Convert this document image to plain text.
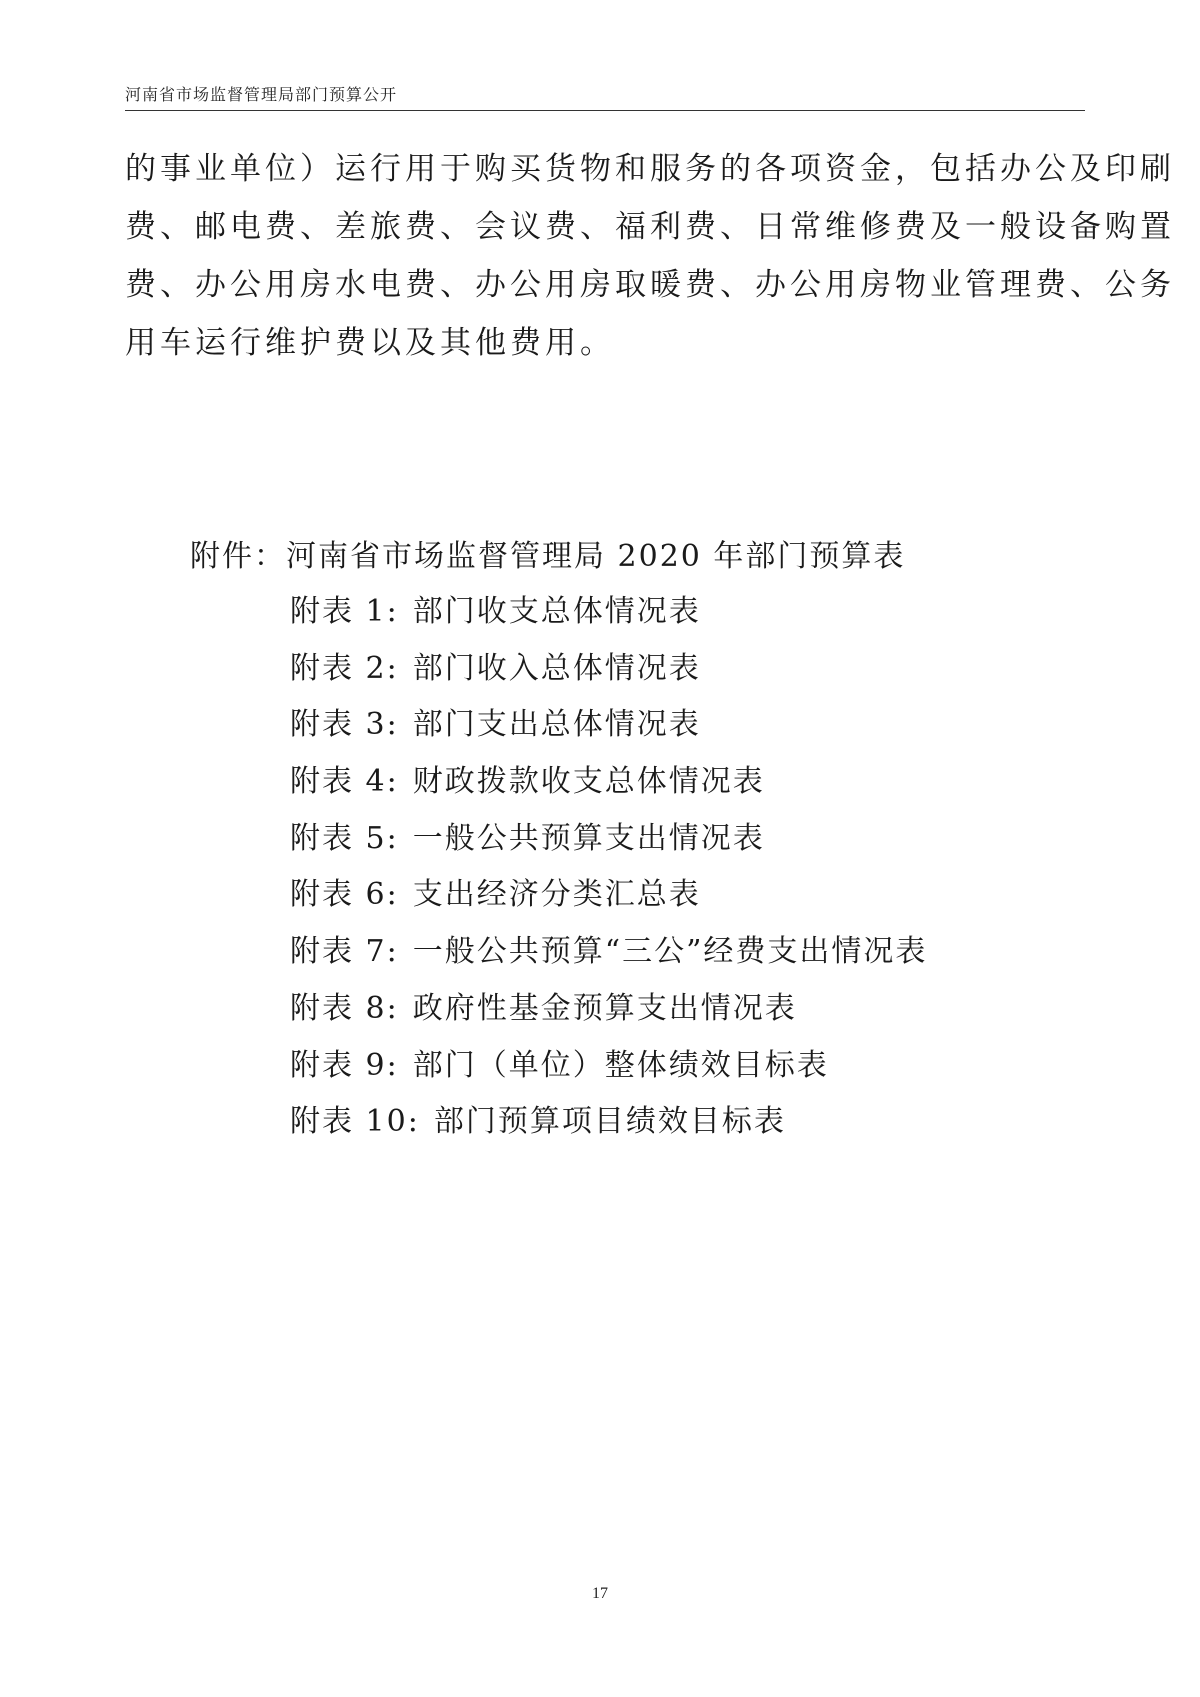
河南省市场监督管理局部门预算公开
的事业单位）运行用于购买货物和服务的各项资金，包括办公及印刷
费、邮电费、差旅费、会议费、福利费、日常维修费及一般设备购置
费、办公用房水电费、办公用房取暖费、办公用房物业管理费、公务
用车运行维护费以及其他费用。
附件：河南省市场监督管理局 2020 年部门预算表
附表 1: 部门收支总体情况表
附表 2: 部门收入总体情况表
附表 3: 部门支出总体情况表
附表 4: 财政拨款收支总体情况表
附表 5: 一般公共预算支出情况表
附表 6: 支出经济分类汇总表
附表 7: 一般公共预算“三公”经费支出情况表
附表 8: 政府性基金预算支出情况表
附表 9: 部门（单位）整体绩效目标表
附表 10: 部门预算项目绩效目标表
17
